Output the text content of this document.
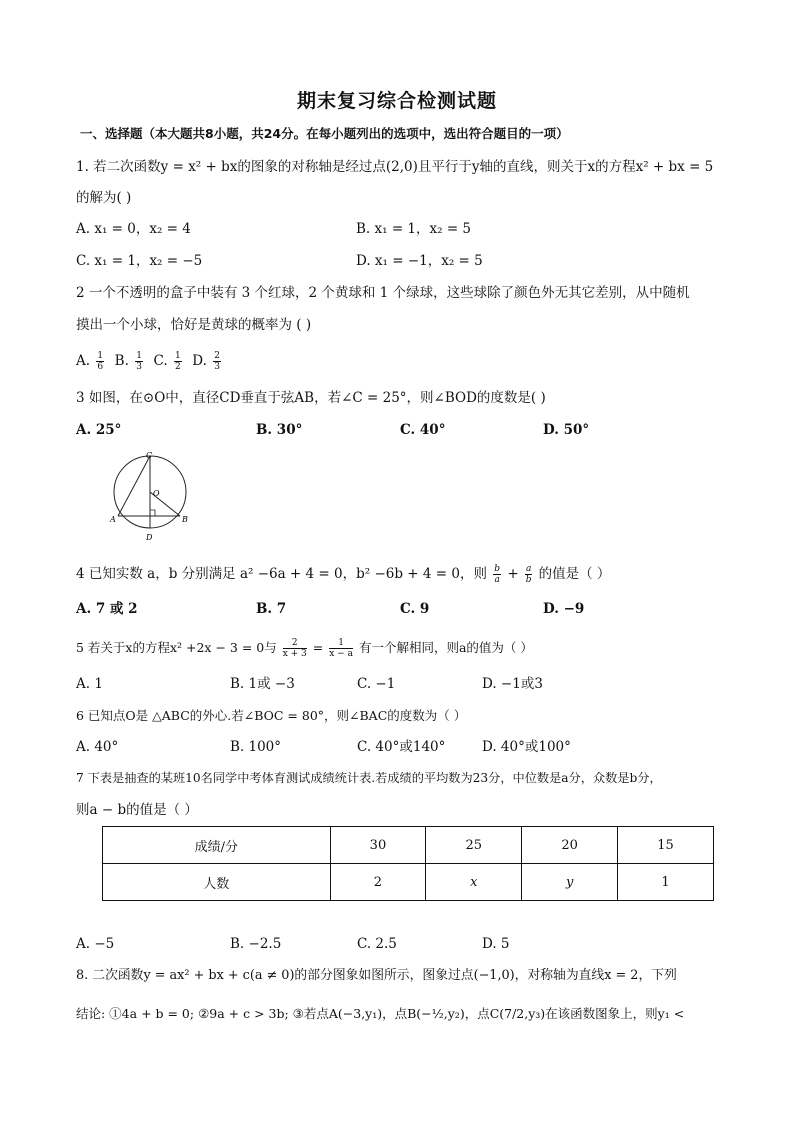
期末复习综合检测试题
一、选择题（本大题共8小题，共24分。在每小题列出的选项中，选出符合题目的一项）
1. 若二次函数y = x² + bx的图象的对称轴是经过点(2,0)且平行于y轴的直线，则关于x的方程x² + bx = 5
的解为( )
A. x₁ = 0，x₂ = 4	B. x₁ = 1，x₂ = 5
C. x₁ = 1，x₂ = −5	D. x₁ = −1，x₂ = 5
2 一个不透明的盒子中装有 3 个红球，2 个黄球和 1 个绿球，这些球除了颜色外无其它差别，从中随机
摸出一个小球，恰好是黄球的概率为 ( )
A. $\frac{1}{6} B$. $\frac{1}{3} C$. $\frac{1}{2} D$. $\frac{2}{3}$
3 如图，在⊙O中，直径CD垂直于弦AB，若∠C = 25°，则∠BOD的度数是( )
A. 25°	B. 30°	C. 40°	D. 50°
C
O
A	B
D
4 已知实数 a，b 分别满足 a² −6a + 4 = 0，b² −6b + 4 = 0，则 $\frac{b}{a} + \frac{a}{b}$ 的值是（ ）
A. 7 或 2	B. 7	C. 9	D. −9
5 若关于x的方程x² +2x − 3 = 0与 $\frac{2}{x + 3} = \frac{1}{x - a}$ 有一个解相同，则a的值为（ ）
A. 1	B. 1或 −3	C. −1	D. −1或3
6 已知点O是 △ABC的外心.若∠BOC = 80°，则∠BAC的度数为（ ）
A. 40°	B. 100°	C. 40°或140°	D. 40°或100°
7 下表是抽查的某班10名同学中考体育测试成绩统计表.若成绩的平均数为23分，中位数是a分，众数是b分，
则a − b的值是（ ）
成绩/分	30	25	20	15
人数	2	x	y	1
A. −5	B. −2.5	C. 2.5	D. 5
8. 二次函数y = ax² + bx + c(a ≠ 0)的部分图象如图所示，图象过点(−1,0)，对称轴为直线x = 2，下列
结论: ①4a + b = 0; ②9a + c > 3b; ③若点A(−3,y₁)，点B(−½,y₂)，点C(7/2,y₃)在该函数图象上，则y₁ <
